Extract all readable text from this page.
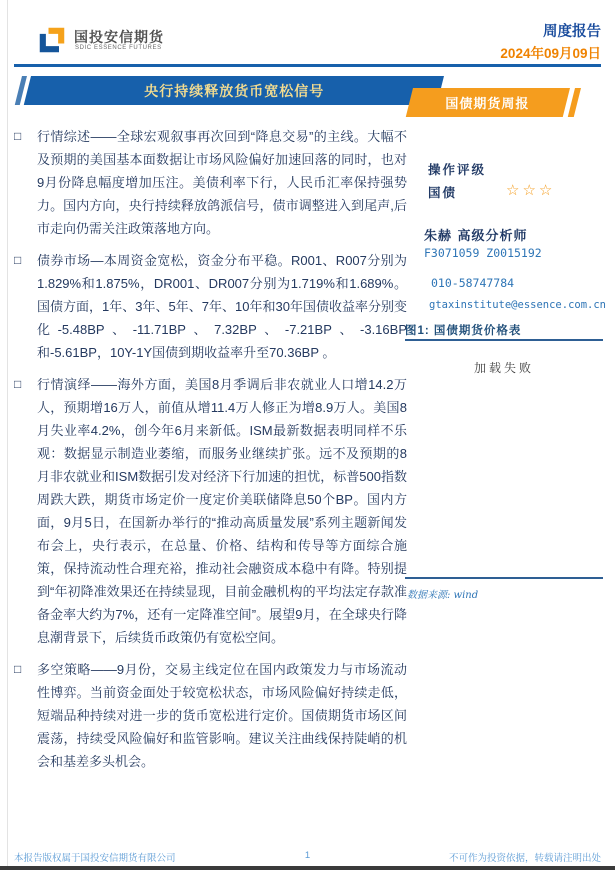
国投安信期货
SDIC ESSENCE FUTURES
周度报告
2024年09月09日
央行持续释放货币宽松信号
国债期货周报
□ 行情综述——全球宏观叙事再次回到“降息交易”的主线。大幅不及预期的美国基本面数据让市场风险偏好加速回落的同时，也对9月份降息幅度增加压注。美债利率下行，人民币汇率保持强势力。国内方向，央行持续释放鸽派信号，债市调整进入到尾声,后市走向仍需关注政策落地方向。
□ 债券市场—本周资金宽松，资金分布平稳。R001、R007分别为1.829%和1.875%，DR001、DR007分别为1.719%和1.689%。国债方面，1年、3年、5年、7年、10年和30年国债收益率分别变化-5.48BP、-11.71BP、7.32BP、-7.21BP、-3.16BP和-5.61BP，10Y-1Y国债到期收益率升至70.36BP 。
□ 行情演绎——海外方面，美国8月季调后非农就业人口增14.2万人，预期增16万人，前值从增11.4万人修正为增8.9万人。美国8月失业率4.2%，创今年6月来新低。ISM最新数据表明同样不乐观：数据显示制造业萎缩，而服务业继续扩张。远不及预期的8月非农就业和ISM数据引发对经济下行加速的担忧，标普500指数周跌大跌，期货市场定价一度定价美联储降息50个BP。国内方面，9月5日，在国新办举行的“推动高质量发展”系列主题新闻发布会上，央行表示，在总量、价格、结构和传导等方面综合施策，保持流动性合理充裕，推动社会融资成本稳中有降。特别提到“年初降准效果还在持续显现，目前金融机构的平均法定存款准备金率大约为7%，还有一定降准空间”。展望9月，在全球央行降息潮背景下，后续货币政策仍有宽松空间。
□ 多空策略——9月份，交易主线定位在国内政策发力与市场流动性博弈。当前资金面处于较宽松状态，市场风险偏好持续走低，短端品种持续对进一步的货币宽松进行定价。国债期货市场区间震荡，持续受风险偏好和监管影响。建议关注曲线保持陡峭的机会和基差多头机会。
操作评级
国债	☆☆☆
朱赫 高级分析师
F3071059 Z0015192
010-58747784
gtaxinstitute@essence.com.cn
图1: 国债期货价格表
加载失败
数据来源: wind
1
本报告版权属于国投安信期货有限公司	不可作为投资依据，转载请注明出处
